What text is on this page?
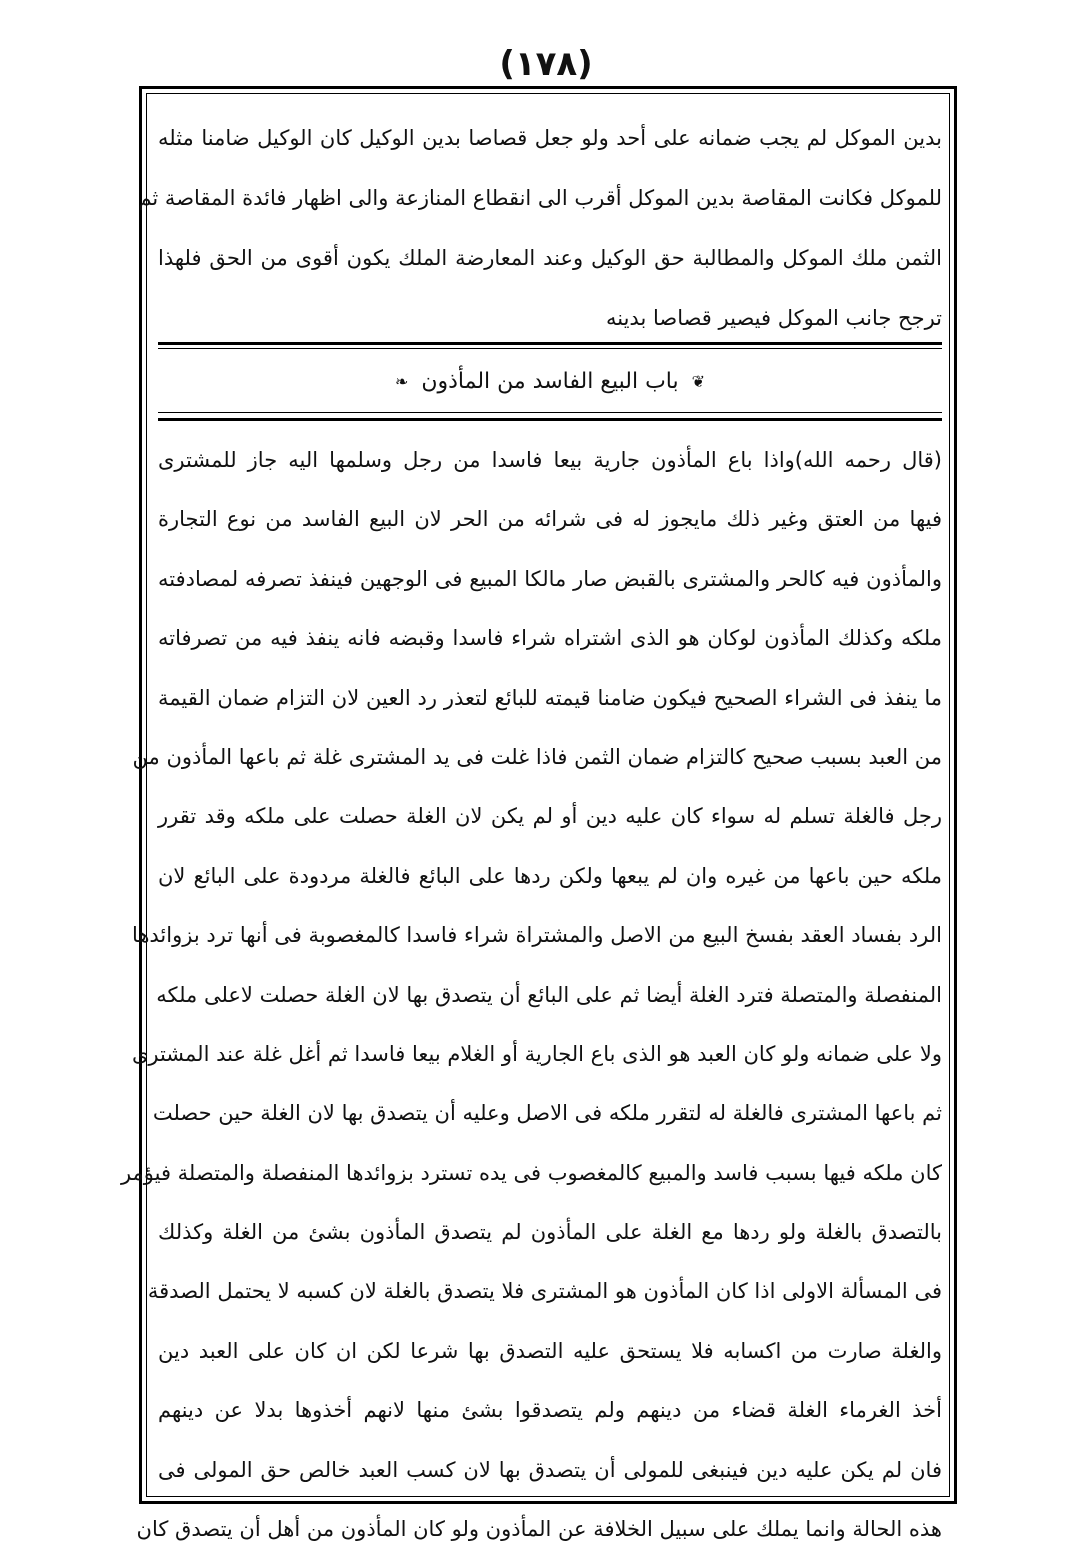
(١٧٨)
بدين الموكل لم يجب ضمانه على أحد ولو جعل قصاصا بدين الوكيل كان الوكيل ضامنا مثله
للموكل فكانت المقاصة بدين الموكل أقرب الى انقطاع المنازعة والى اظهار فائدة المقاصة ثم
الثمن ملك الموكل والمطالبة حق الوكيل وعند المعارضة الملك يكون أقوى من الحق فلهذا
ترجح جانب الموكل فيصير قصاصا بدينه
❦ باب البيع الفاسد من المأذون ❧
(قال رحمه الله)واذا باع المأذون جارية بيعا فاسدا من رجل وسلمها اليه جاز للمشترى
فيها من العتق وغير ذلك مايجوز له فى شرائه من الحر لان البيع الفاسد من نوع التجارة
والمأذون فيه كالحر والمشترى بالقبض صار مالكا المبيع فى الوجهين فينفذ تصرفه لمصادفته
ملكه وكذلك المأذون لوكان هو الذى اشتراه شراء فاسدا وقبضه فانه ينفذ فيه من تصرفاته
ما ينفذ فى الشراء الصحيح فيكون ضامنا قيمته للبائع لتعذر رد العين لان التزام ضمان القيمة
من العبد بسبب صحيح كالتزام ضمان الثمن فاذا غلت فى يد المشترى غلة ثم باعها المأذون من
رجل فالغلة تسلم له سواء كان عليه دين أو لم يكن لان الغلة حصلت على ملكه وقد تقرر
ملكه حين باعها من غيره وان لم يبعها ولكن ردها على البائع فالغلة مردودة على البائع لان
الرد بفساد العقد بفسخ البيع من الاصل والمشتراة شراء فاسدا كالمغصوبة فى أنها ترد بزوائدها
المنفصلة والمتصلة فترد الغلة أيضا ثم على البائع أن يتصدق بها لان الغلة حصلت لاعلى ملكه
ولا على ضمانه ولو كان العبد هو الذى باع الجارية أو الغلام بيعا فاسدا ثم أغل غلة عند المشترى
ثم باعها المشترى فالغلة له لتقرر ملكه فى الاصل وعليه أن يتصدق بها لان الغلة حين حصلت
كان ملكه فيها بسبب فاسد والمبيع كالمغصوب فى يده تسترد بزوائدها المنفصلة والمتصلة فيؤمر
بالتصدق بالغلة ولو ردها مع الغلة على المأذون لم يتصدق المأذون بشئ من الغلة وكذلك
فى المسألة الاولى اذا كان المأذون هو المشترى فلا يتصدق بالغلة لان كسبه لا يحتمل الصدقة
والغلة صارت من اكسابه فلا يستحق عليه التصدق بها شرعا لكن ان كان على العبد دين
أخذ الغرماء الغلة قضاء من دينهم ولم يتصدقوا بشئ منها لانهم أخذوها بدلا عن دينهم
فان لم يكن عليه دين فينبغى للمولى أن يتصدق بها لان كسب العبد خالص حق المولى فى
هذه الحالة وانما يملك على سبيل الخلافة عن المأذون ولو كان المأذون من أهل أن يتصدق كان
